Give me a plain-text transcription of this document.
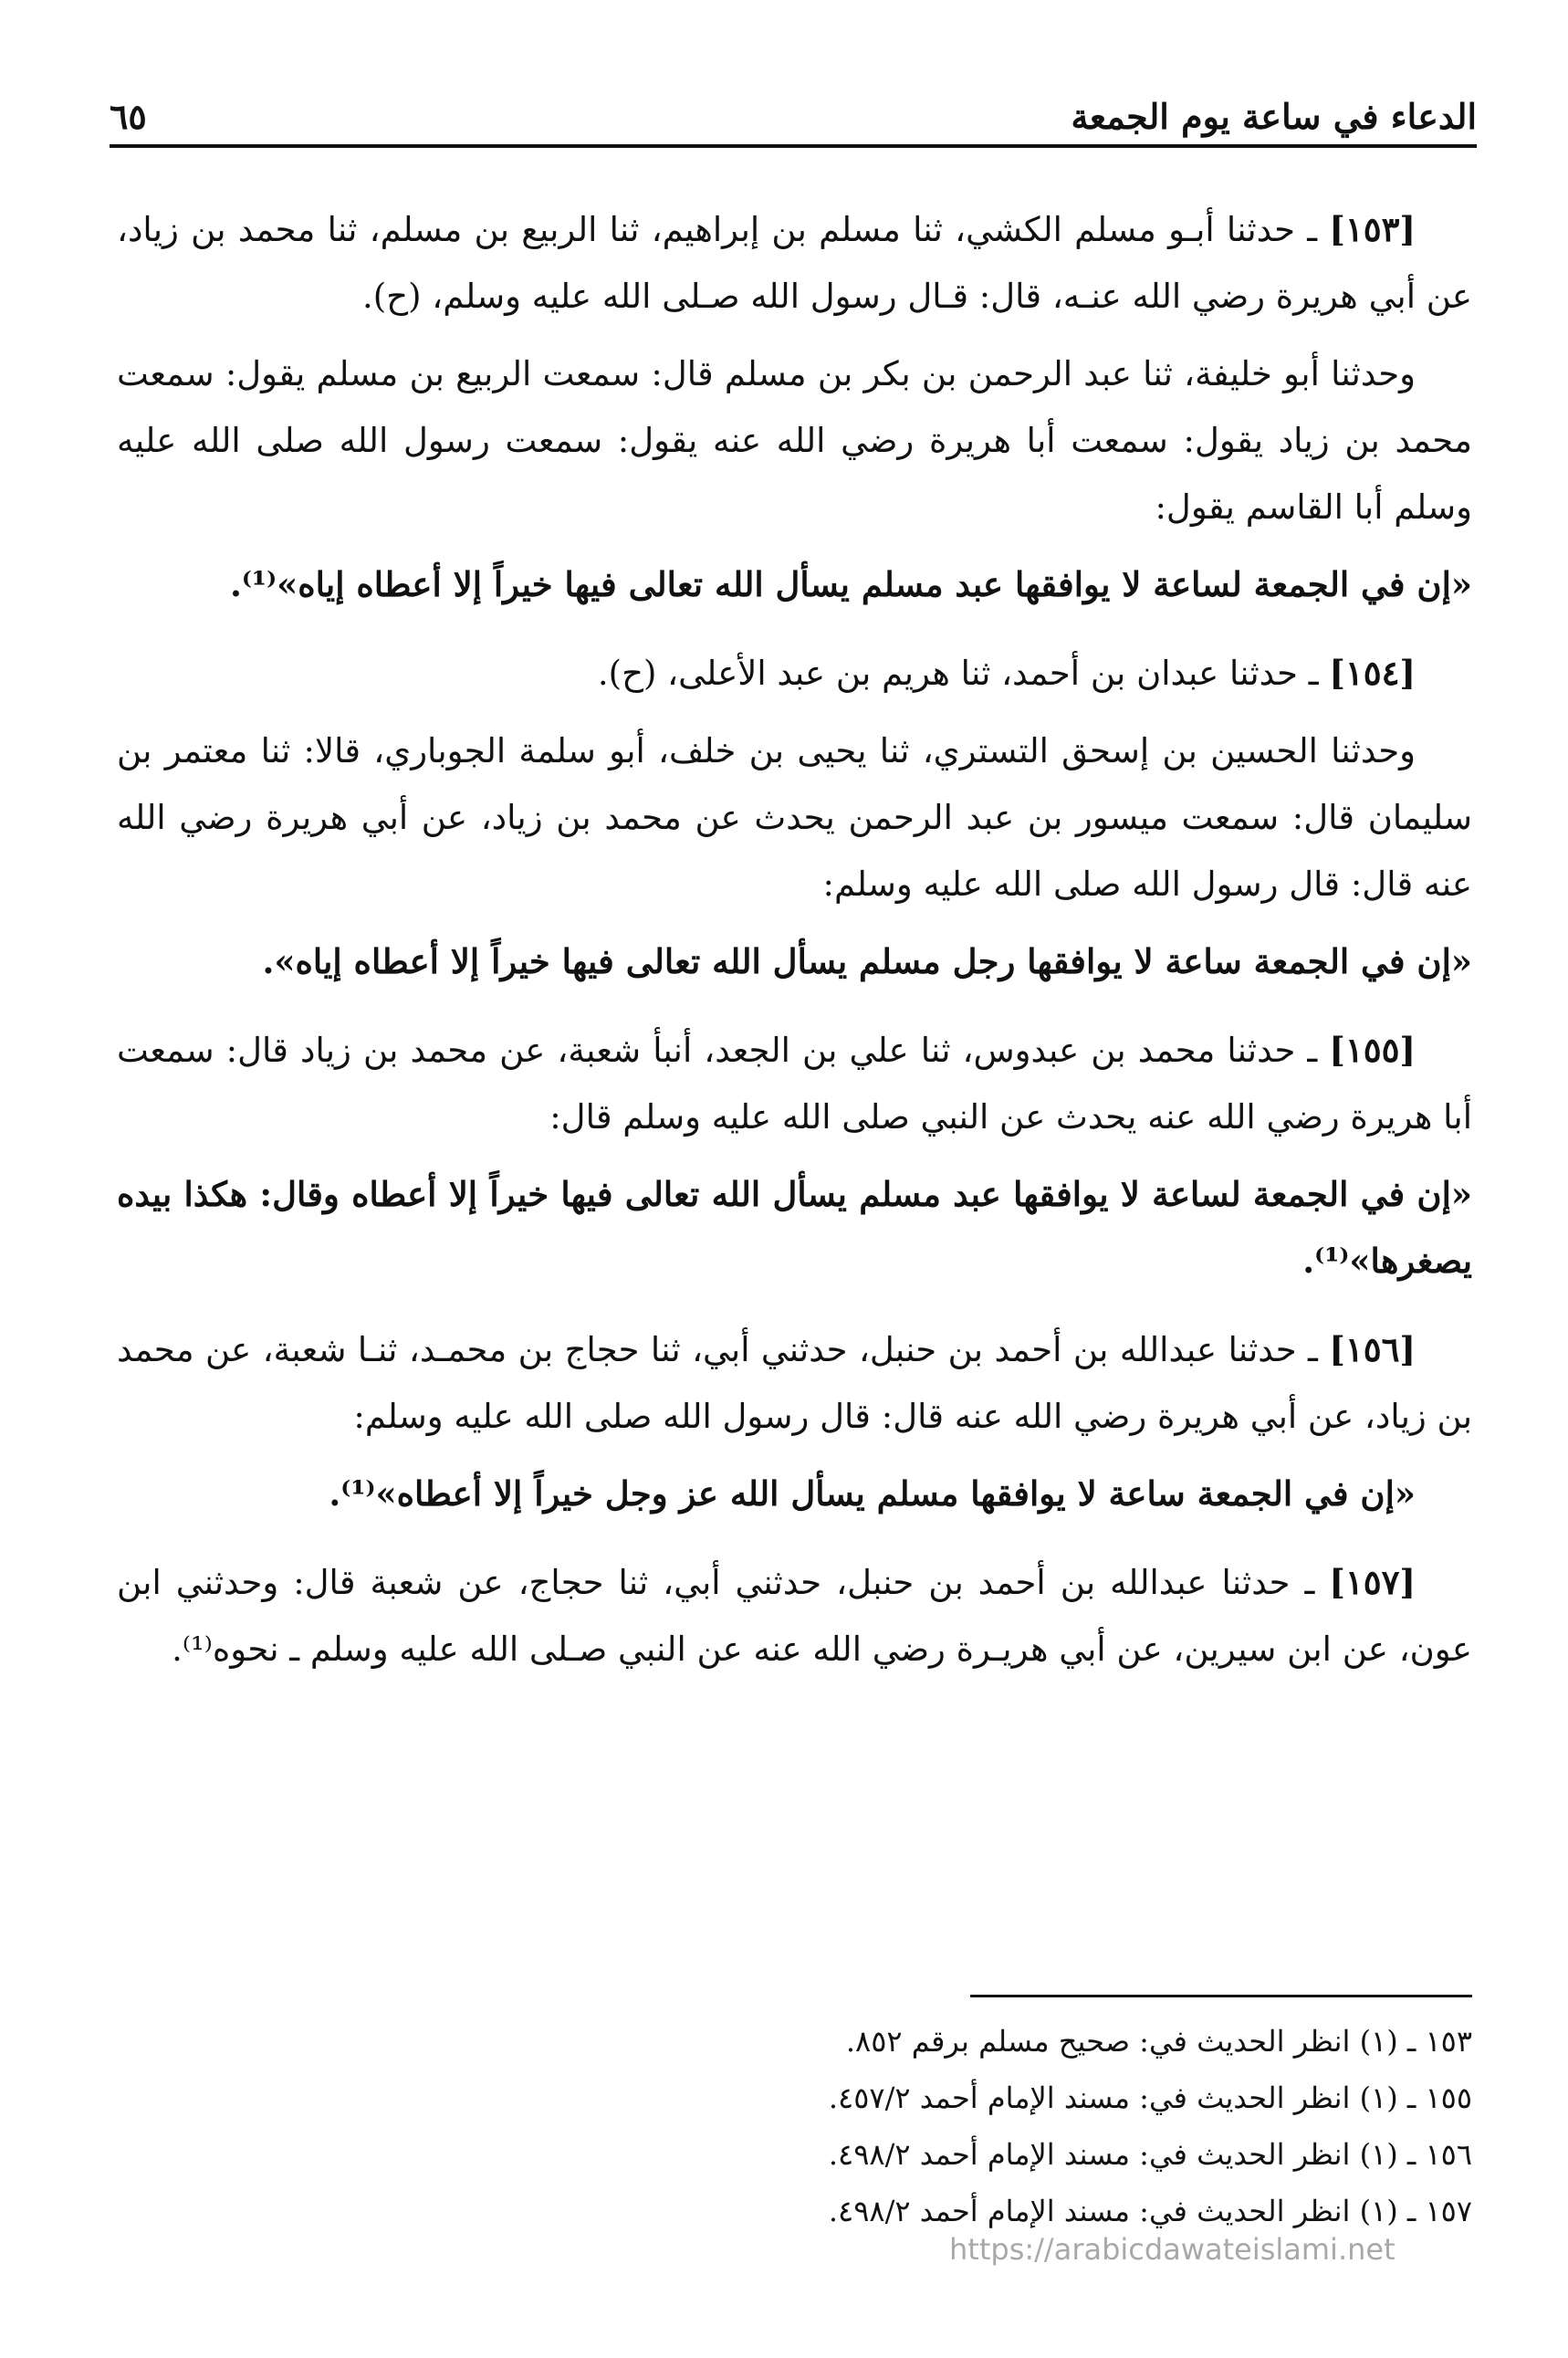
الدعاء في ساعة يوم الجمعة
٦٥

[١٥٣] ـ حدثنا أبـو مسلم الكشي، ثنا مسلم بن إبراهيم، ثنا الربيع بن مسلم، ثنا محمد بن زياد، عن أبي هريرة رضي الله عنـه، قال: قـال رسول الله صـلى الله عليه وسلم، (ح).

وحدثنا أبو خليفة، ثنا عبد الرحمن بن بكر بن مسلم قال: سمعت الربيع بن مسلم يقول: سمعت محمد بن زياد يقول: سمعت أبا هريرة رضي الله عنه يقول: سمعت رسول الله صلى الله عليه وسلم أبا القاسم يقول:

«إن في الجمعة لساعة لا يوافقها عبد مسلم يسأل الله تعالى فيها خيراً إلا أعطاه إياه»⁽¹⁾.

[١٥٤] ـ حدثنا عبدان بن أحمد، ثنا هريم بن عبد الأعلى، (ح).

وحدثنا الحسين بن إسحق التستري، ثنا يحيى بن خلف، أبو سلمة الجوباري، قالا: ثنا معتمر بن سليمان قال: سمعت ميسور بن عبد الرحمن يحدث عن محمد بن زياد، عن أبي هريرة رضي الله عنه قال: قال رسول الله صلى الله عليه وسلم:

«إن في الجمعة ساعة لا يوافقها رجل مسلم يسأل الله تعالى فيها خيراً إلا أعطاه إياه».

[١٥٥] ـ حدثنا محمد بن عبدوس، ثنا علي بن الجعد، أنبأ شعبة، عن محمد بن زياد قال: سمعت أبا هريرة رضي الله عنه يحدث عن النبي صلى الله عليه وسلم قال:

«إن في الجمعة لساعة لا يوافقها عبد مسلم يسأل الله تعالى فيها خيراً إلا أعطاه وقال: هكذا بيده يصغرها»⁽¹⁾.

[١٥٦] ـ حدثنا عبدالله بن أحمد بن حنبل، حدثني أبي، ثنا حجاج بن محمـد، ثنـا شعبة، عن محمد بن زياد، عن أبي هريرة رضي الله عنه قال: قال رسول الله صلى الله عليه وسلم:

«إن في الجمعة ساعة لا يوافقها مسلم يسأل الله عز وجل خيراً إلا أعطاه»⁽¹⁾.

[١٥٧] ـ حدثنا عبدالله بن أحمد بن حنبل، حدثني أبي، ثنا حجاج، عن شعبة قال: وحدثني ابن عون، عن ابن سيرين، عن أبي هريـرة رضي الله عنه عن النبي صـلى الله عليه وسلم ـ نحوه⁽¹⁾.

١٥٣ ـ (١) انظر الحديث في: صحيح مسلم برقم ٨٥٢.
١٥٥ ـ (١) انظر الحديث في: مسند الإمام أحمد ٤٥٧/٢.
١٥٦ ـ (١) انظر الحديث في: مسند الإمام أحمد ٤٩٨/٢.
١٥٧ ـ (١) انظر الحديث في: مسند الإمام أحمد ٤٩٨/٢.
https://arabicdawateislami.net
